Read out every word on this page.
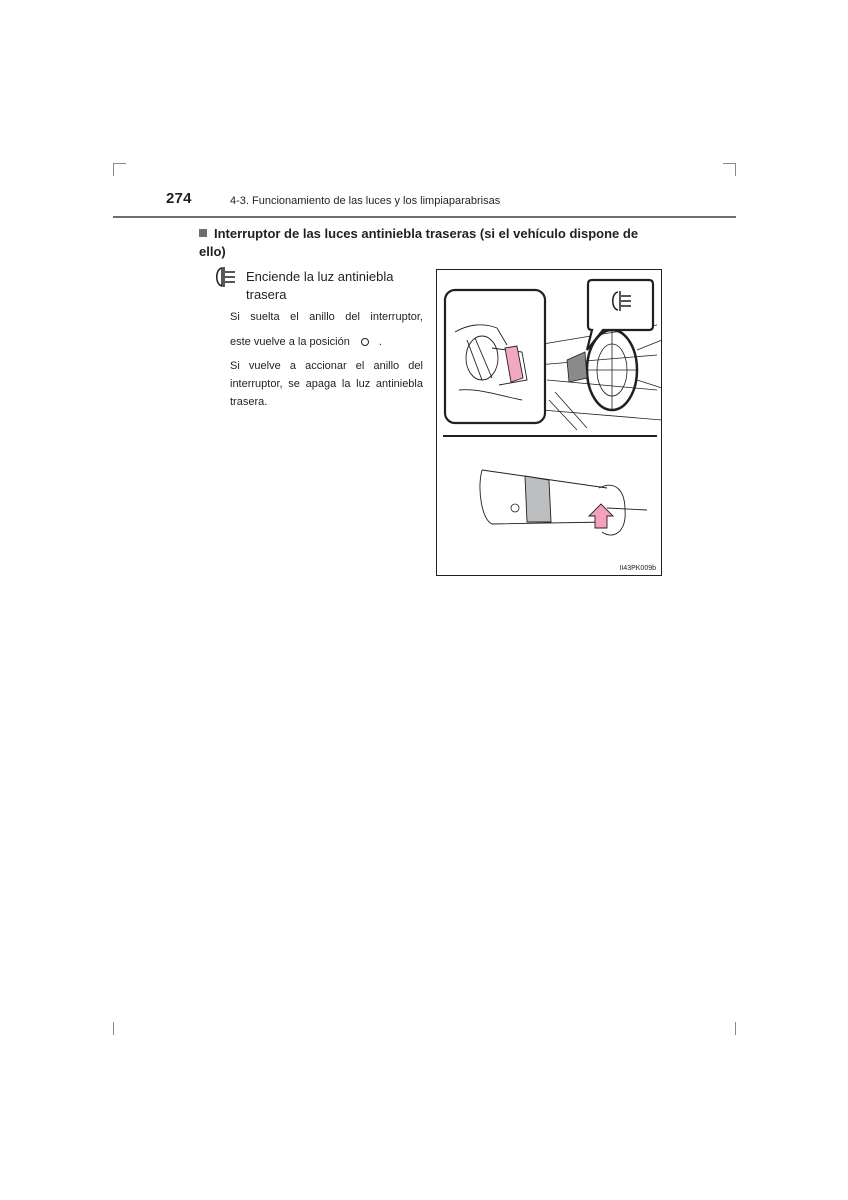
274	4-3. Funcionamiento de las luces y los limpiaparabrisas
Interruptor de las luces antiniebla traseras (si el vehículo dispone de ello)
Enciende la luz antiniebla trasera
Si suelta el anillo del interruptor,
este vuelve a la posición	.
Si vuelve a accionar el anillo del interruptor, se apaga la luz antiniebla trasera.
II43PK009b
